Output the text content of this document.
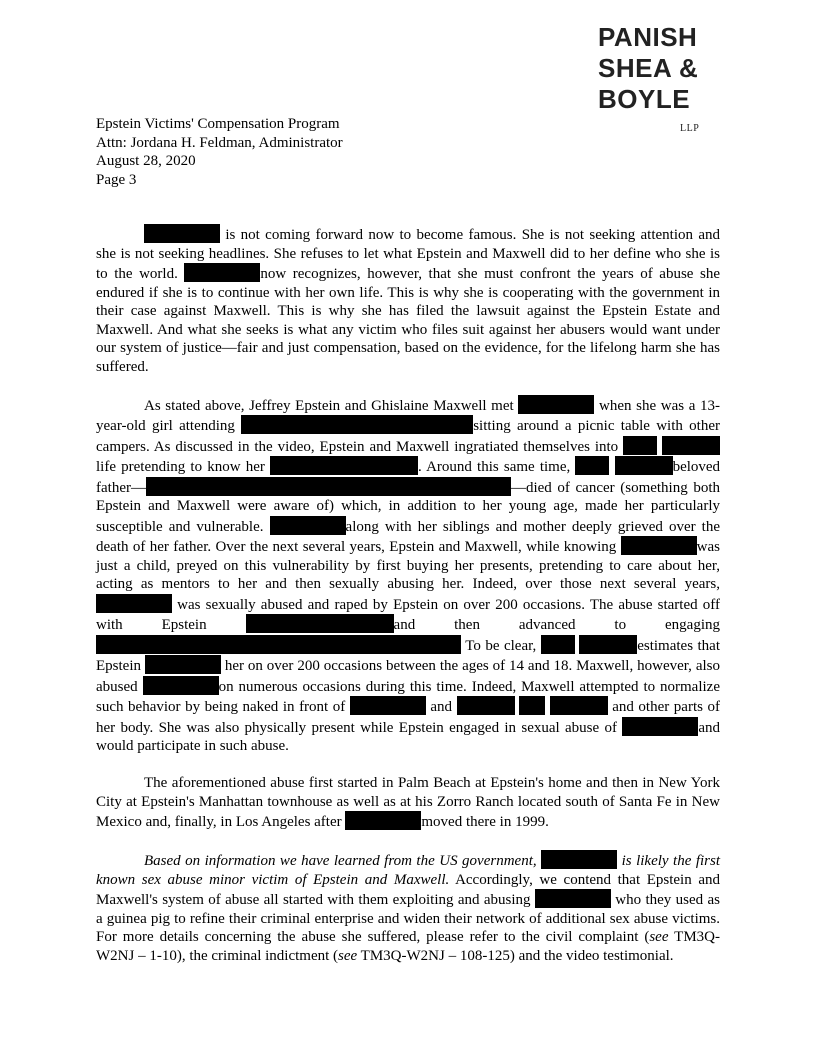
PANISH
SHEA &
BOYLE
LLP
Epstein Victims' Compensation Program
Attn: Jordana H. Feldman, Administrator
August 28, 2020
Page 3

is not coming forward now to become famous. She is not seeking attention and she is not seeking headlines. She refuses to let what Epstein and Maxwell did to her define who she is to the world.	now recognizes, however, that she must confront the years of abuse she endured if she is to continue with her own life. This is why she is cooperating with the government in their case against Maxwell. This is why she has filed the lawsuit against the Epstein Estate and Maxwell. And what she seeks is what any victim who files suit against her abusers would want under our system of justice—fair and just compensation, based on the evidence, for the lifelong harm she has suffered.

As stated above, Jeffrey Epstein and Ghislaine Maxwell met	when she was a 13-year-old girl attending	sitting around a picnic table with other campers. As discussed in the video, Epstein and Maxwell ingratiated themselves into   life pretending to know her	. Around this same time,	beloved father—	—died of cancer (something both Epstein and Maxwell were aware of) which, in addition to her young age, made her particularly susceptible and vulnerable.	along with her siblings and mother deeply grieved over the death of her father. Over the next several years, Epstein and Maxwell, while knowing	was just a child, preyed on this vulnerability by first buying her presents, pretending to care about her, acting as mentors to her and then sexually abusing her. Indeed, over those next several years, was sexually abused and raped by Epstein on over 200 occasions. The abuse started off with Epstein	and then advanced to engaging  To be clear,	estimates that Epstein	her on over 200 occasions between the ages of 14 and 18. Maxwell, however, also abused	on numerous occasions during this time. Indeed, Maxwell attempted to normalize such behavior by being naked in front of	and	and other parts of her body. She was also physically present while Epstein engaged in sexual abuse of	and would participate in such abuse.

The aforementioned abuse first started in Palm Beach at Epstein's home and then in New York City at Epstein's Manhattan townhouse as well as at his Zorro Ranch located south of Santa Fe in New Mexico and, finally, in Los Angeles after	moved there in 1999.

Based on information we have learned from the US government,	is likely the first known sex abuse minor victim of Epstein and Maxwell. Accordingly, we contend that Epstein and Maxwell's system of abuse all started with them exploiting and abusing	who they used as a guinea pig to refine their criminal enterprise and widen their network of additional sex abuse victims. For more details concerning the abuse she suffered, please refer to the civil complaint (see TM3Q-W2NJ – 1-10), the criminal indictment (see TM3Q-W2NJ – 108-125) and the video testimonial.
